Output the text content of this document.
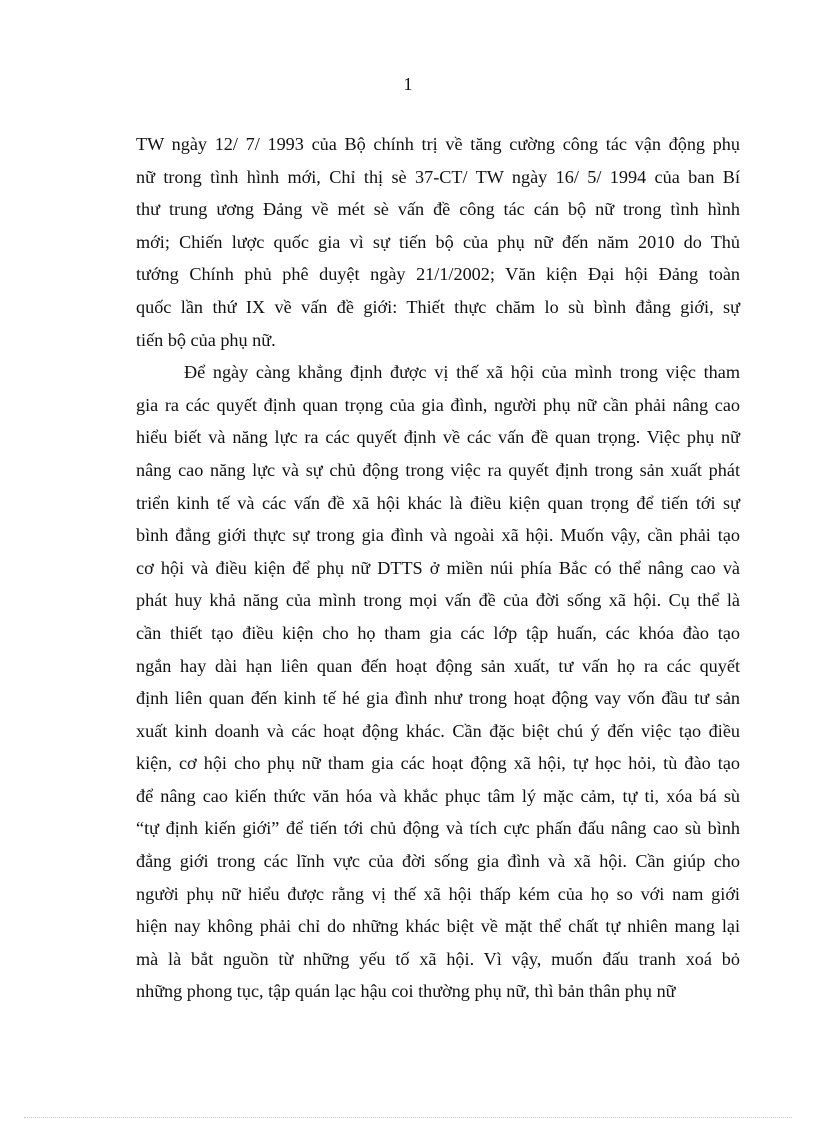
1
TW ngày 12/ 7/ 1993 của Bộ chính trị về tăng cường công tác vận động phụ
nữ trong tình hình mới, Chỉ thị sè 37-CT/ TW ngày 16/ 5/ 1994 của ban Bí
thư trung ương Đảng về mét sè vấn đề công tác cán bộ nữ trong tình hình
mới; Chiến lược quốc gia vì sự tiến bộ của phụ nữ đến năm 2010 do Thủ
tướng Chính phủ phê duyệt ngày 21/1/2002; Văn kiện Đại hội Đảng toàn
quốc lần thứ IX về vấn đề giới: Thiết thực chăm lo sù bình đẳng giới, sự
tiến bộ của phụ nữ.
Để ngày càng khẳng định được vị thế xã hội của mình trong việc tham
gia ra các quyết định quan trọng của gia đình, người phụ nữ cần phải nâng cao
hiểu biết và năng lực ra các quyết định về các vấn đề quan trọng. Việc phụ nữ
nâng cao năng lực và sự chủ động trong việc ra quyết định trong sản xuất phát
triển kinh tế và các vấn đề xã hội khác là điều kiện quan trọng để tiến tới sự
bình đẳng giới thực sự trong gia đình và ngoài xã hội. Muốn vậy, cần phải tạo
cơ hội và điều kiện để phụ nữ DTTS ở miền núi phía Bắc có thể nâng cao và
phát huy khả năng của mình trong mọi vấn đề của đời sống xã hội. Cụ thể là
cần thiết tạo điều kiện cho họ tham gia các lớp tập huấn, các khóa đào tạo
ngắn hay dài hạn liên quan đến hoạt động sản xuất, tư vấn họ ra các quyết
định liên quan đến kinh tế hé gia đình như trong hoạt động vay vốn đầu tư sản
xuất kinh doanh và các hoạt động khác. Cần đặc biệt chú ý đến việc tạo điều
kiện, cơ hội cho phụ nữ tham gia các hoạt động xã hội, tự học hỏi, tù đào tạo
để nâng cao kiến thức văn hóa và khắc phục tâm lý mặc cảm, tự ti, xóa bá sù
“tự định kiến giới” để tiến tới chủ động và tích cực phấn đấu nâng cao sù bình
đẳng giới trong các lĩnh vực của đời sống gia đình và xã hội. Cần giúp cho
người phụ nữ hiểu được rằng vị thế xã hội thấp kém của họ so với nam giới
hiện nay không phải chỉ do những khác biệt về mặt thể chất tự nhiên mang lại
mà là bắt nguồn từ những yếu tố xã hội. Vì vậy, muốn đấu tranh xoá bỏ
những phong tục, tập quán lạc hậu coi thường phụ nữ, thì bản thân phụ nữ
